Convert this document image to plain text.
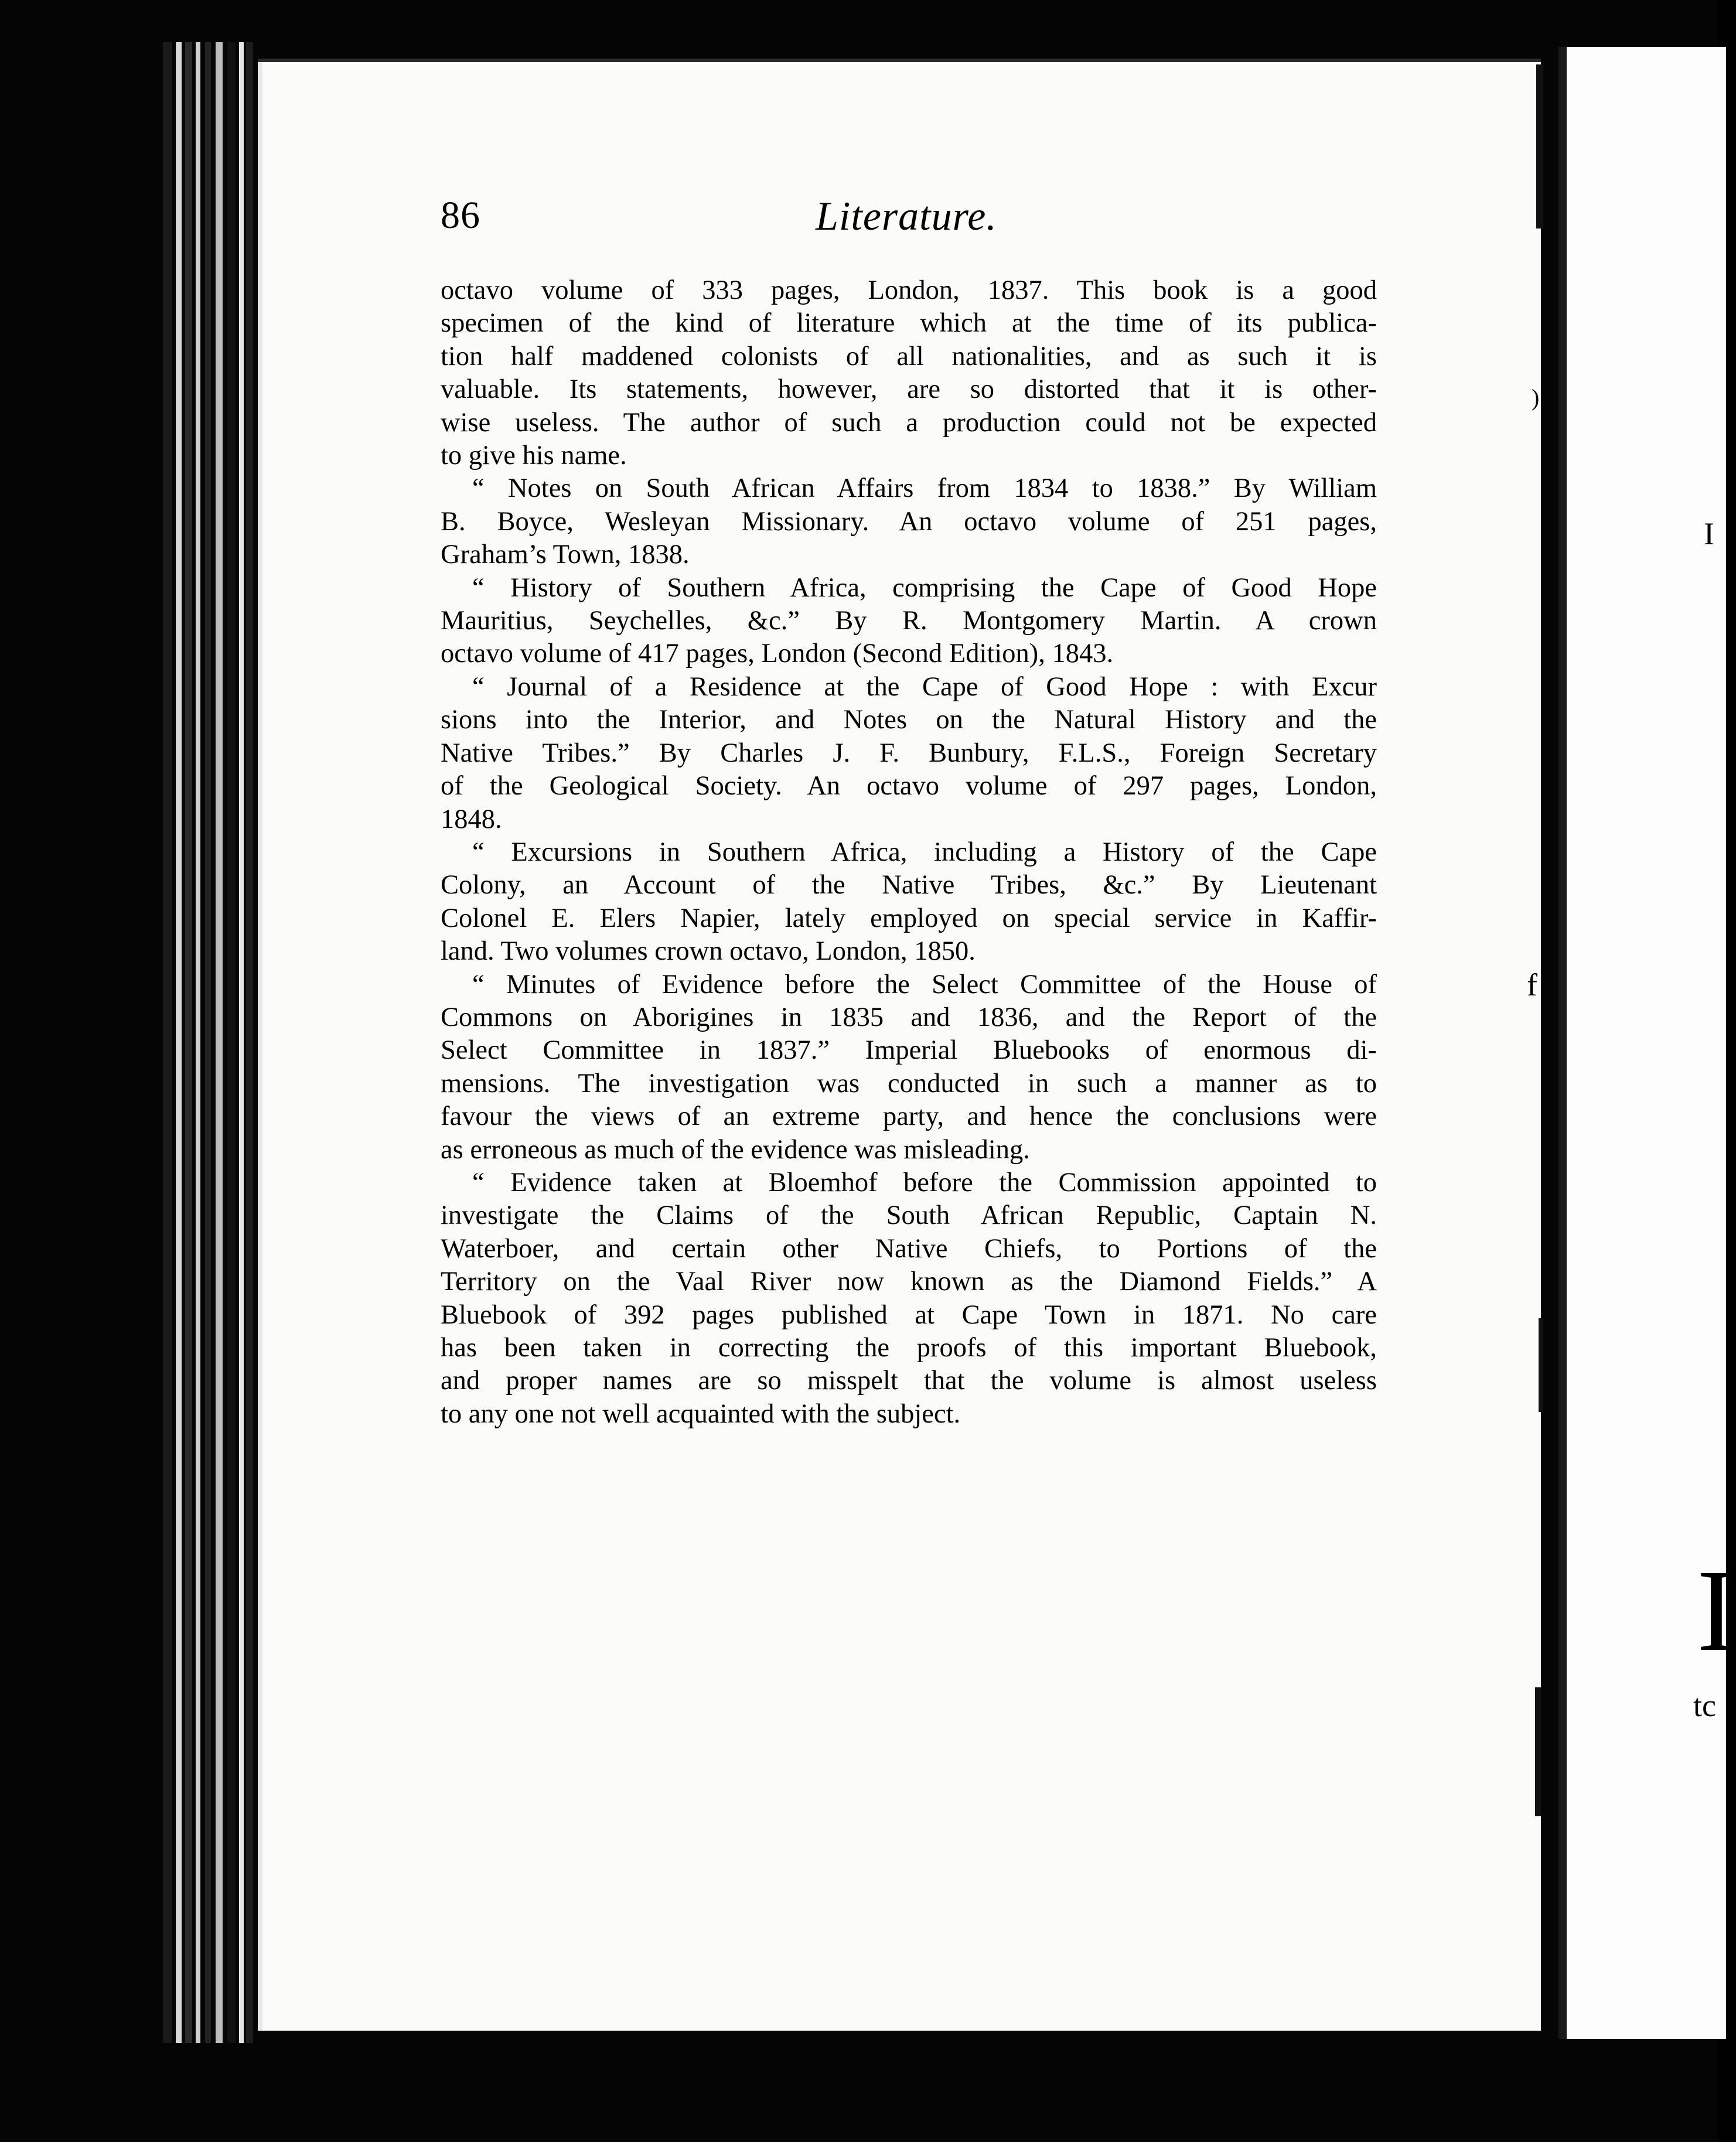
I
I
tc
)
f
86	Literature.
octavo volume of 333 pages, London, 1837. This book is a good
specimen of the kind of literature which at the time of its publica-
tion half maddened colonists of all nationalities, and as such it is
valuable. Its statements, however, are so distorted that it is other-
wise useless. The author of such a production could not be expected
to give his name.
“ Notes on South African Affairs from 1834 to 1838.” By William
B. Boyce, Wesleyan Missionary. An octavo volume of 251 pages,
Graham’s Town, 1838.
“ History of Southern Africa, comprising the Cape of Good Hope
Mauritius, Seychelles, &c.” By R. Montgomery Martin. A crown
octavo volume of 417 pages, London (Second Edition), 1843.
“ Journal of a Residence at the Cape of Good Hope : with Excur
sions into the Interior, and Notes on the Natural History and the
Native Tribes.” By Charles J. F. Bunbury, F.L.S., Foreign Secretary
of the Geological Society. An octavo volume of 297 pages, London,
1848.
“ Excursions in Southern Africa, including a History of the Cape
Colony, an Account of the Native Tribes, &c.” By Lieutenant
Colonel E. Elers Napier, lately employed on special service in Kaffir-
land. Two volumes crown octavo, London, 1850.
“ Minutes of Evidence before the Select Committee of the House of
Commons on Aborigines in 1835 and 1836, and the Report of the
Select Committee in 1837.” Imperial Bluebooks of enormous di-
mensions. The investigation was conducted in such a manner as to
favour the views of an extreme party, and hence the conclusions were
as erroneous as much of the evidence was misleading.
“ Evidence taken at Bloemhof before the Commission appointed to
investigate the Claims of the South African Republic, Captain N.
Waterboer, and certain other Native Chiefs, to Portions of the
Territory on the Vaal River now known as the Diamond Fields.” A
Bluebook of 392 pages published at Cape Town in 1871. No care
has been taken in correcting the proofs of this important Bluebook,
and proper names are so misspelt that the volume is almost useless
to any one not well acquainted with the subject.
